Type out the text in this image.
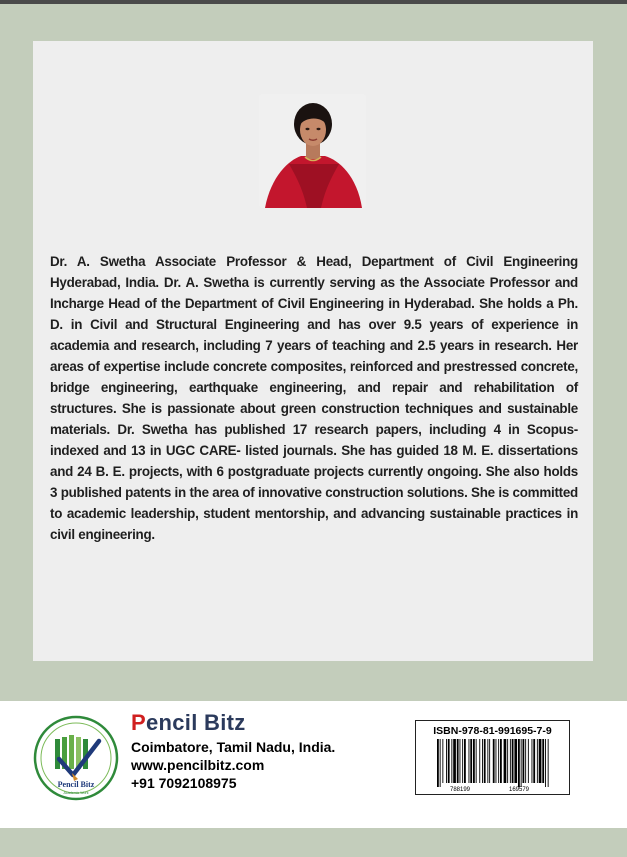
Dr. A. Swetha Associate Professor & Head, Department of Civil Engineering Hyderabad, India. Dr. A. Swetha is currently serving as the Associate Professor and Incharge Head of the Department of Civil Engineering in Hyderabad. She holds a Ph. D. in Civil and Structural Engineering and has over 9.5 years of experience in academia and research, including 7 years of teaching and 2.5 years in research. Her areas of expertise include concrete composites, reinforced and prestressed concrete, bridge engineering, earthquake engineering, and repair and rehabilitation of structures. She is passionate about green construction techniques and sustainable materials. Dr. Swetha has published 17 research papers, including 4 in Scopus-indexed and 13 in UGC CARE- listed journals. She has guided 18 M. E. dissertations and 24 B. E. projects, with 6 postgraduate projects currently ongoing. She also holds 3 published patents in the area of innovative construction solutions. She is committed to academic leadership, student mentorship, and advancing sustainable practices in civil engineering.

Pencil Bitz
Academic Work
Pencil Bitz
Coimbatore, Tamil Nadu, India.
www.pencilbitz.com
+91 7092108975
ISBN-978-81-991695-7-9
788199	169579
